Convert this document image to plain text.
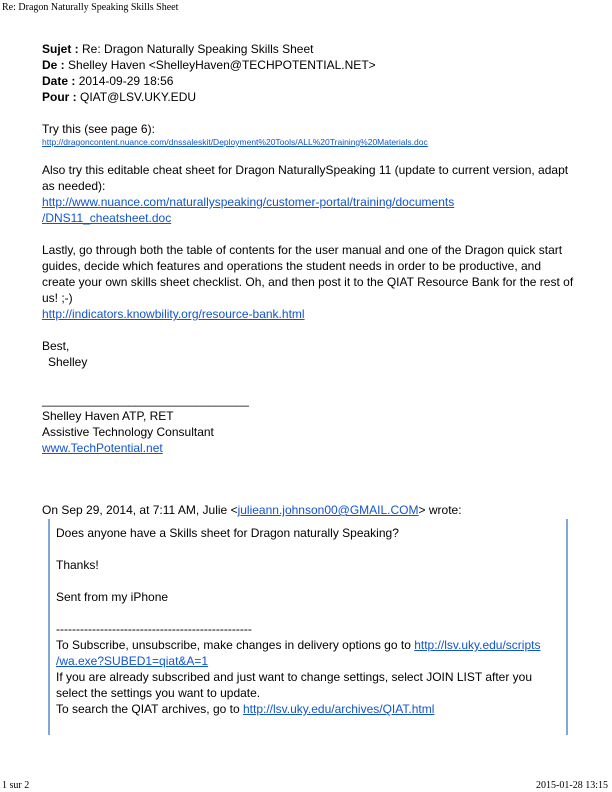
Re: Dragon Naturally Speaking Skills Sheet
Sujet : Re: Dragon Naturally Speaking Skills Sheet
De : Shelley Haven <ShelleyHaven@TECHPOTENTIAL.NET>
Date : 2014-09-29 18:56
Pour : QIAT@LSV.UKY.EDU

Try this (see page 6):

http://dragoncontent.nuance.com/dnssaleskit/Deployment%20Tools/ALL%20Training%20Materials.doc

Also try this editable cheat sheet for Dragon NaturallySpeaking 11 (update to current version, adapt as needed):

http://www.nuance.com/naturallyspeaking/customer-portal/training/documents

/DNS11_cheatsheet.doc

Lastly, go through both the table of contents for the user manual and one of the Dragon quick start guides, decide which features and operations the student needs in order to be productive, and create your own skills sheet checklist. Oh, and then post it to the QIAT Resource Bank for the rest of us! ;-)

http://indicators.knowbility.org/resource-bank.html

Best,

Shelley

_______________________________

Shelley Haven ATP, RET

Assistive Technology Consultant

www.TechPotential.net

On Sep 29, 2014, at 7:11 AM, Julie <julieann.johnson00@GMAIL.COM> wrote:

Does anyone have a Skills sheet for Dragon naturally Speaking?

Thanks!

Sent from my iPhone

-------------------------------------------------

To Subscribe, unsubscribe, make changes in delivery options go to http://lsv.uky.edu/scripts

/wa.exe?SUBED1=qiat&A=1

If you are already subscribed and just want to change settings, select JOIN LIST after you select the settings you want to update.

To search the QIAT archives, go to http://lsv.uky.edu/archives/QIAT.html

1 sur 2	2015-01-28 13:15
